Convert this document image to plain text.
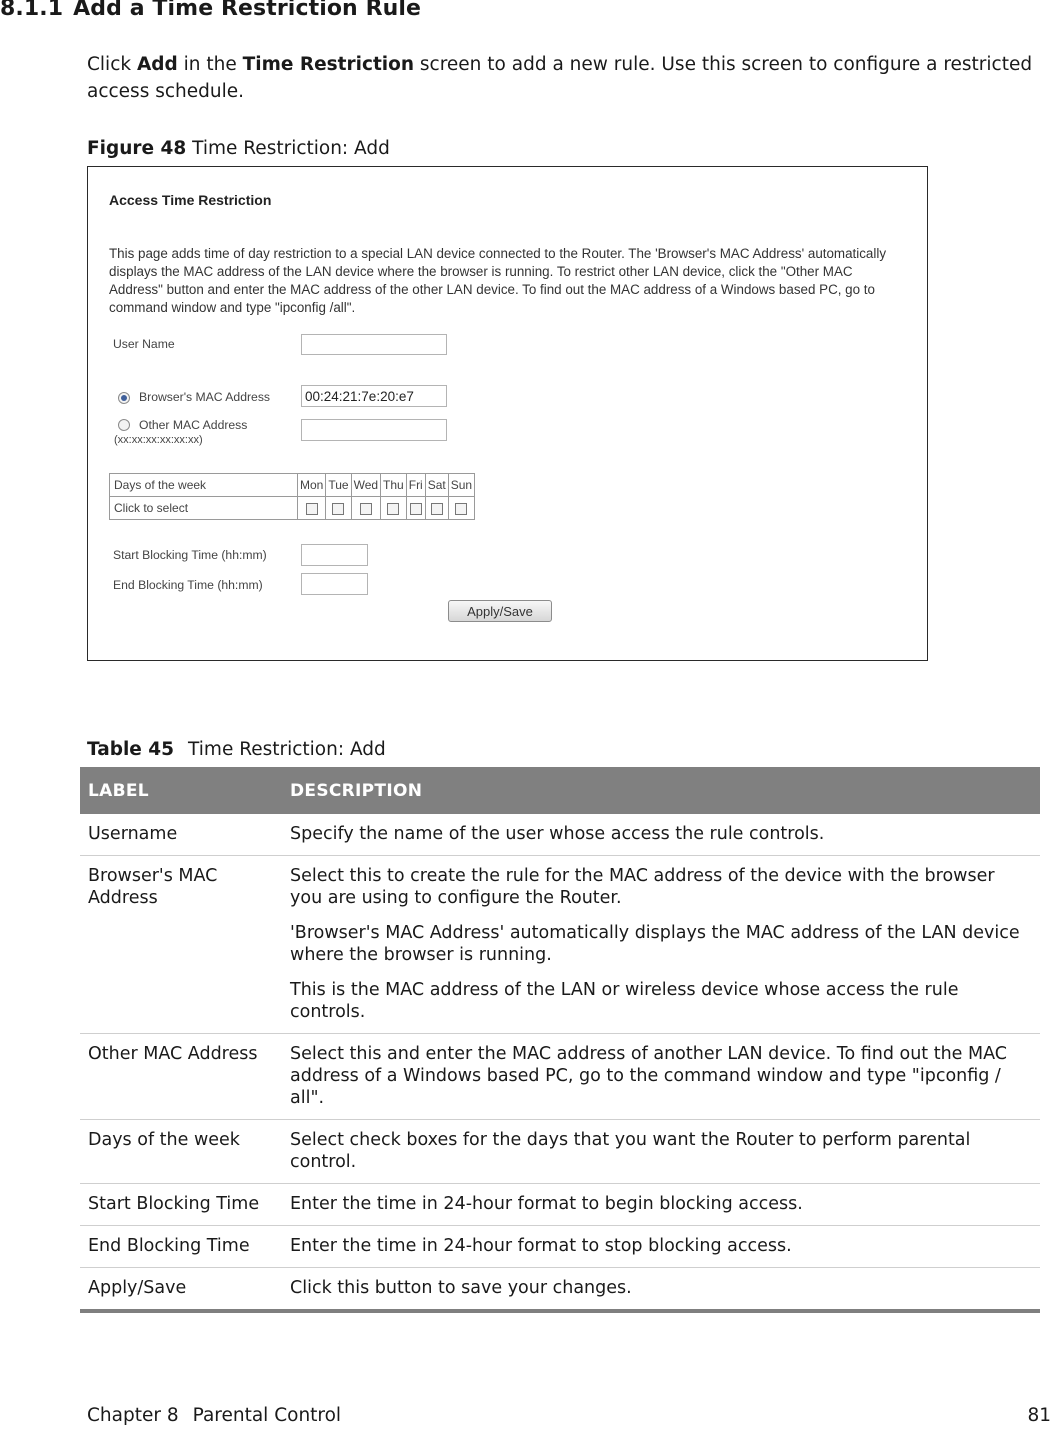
8.1.1 Add a Time Restriction Rule

Click Add in the Time Restriction screen to add a new rule. Use this screen to configure a restricted access schedule.

Figure 48 Time Restriction: Add

Access Time Restriction

This page adds time of day restriction to a special LAN device connected to the Router. The 'Browser's MAC Address' automatically displays the MAC address of the LAN device where the browser is running. To restrict other LAN device, click the "Other MAC Address" button and enter the MAC address of the other LAN device. To find out the MAC address of a Windows based PC, go to command window and type "ipconfig /all".

User Name
Browser's MAC Address
00:24:21:7e:20:e7
Other MAC Address
(xx:xx:xx:xx:xx:xx)
Days of the week	Mon	Tue	Wed	Thu	Fri	Sat	Sun
Click to select							
Start Blocking Time (hh:mm)
End Blocking Time (hh:mm)
Apply/Save

Table 45 Time Restriction: Add

LABEL	DESCRIPTION
Username	Specify the name of the user whose access the rule controls.

Browser's MAC Address	Select this to create the rule for the MAC address of the device with the browser you are using to configure the Router.

'Browser's MAC Address' automatically displays the MAC address of the LAN device where the browser is running.

This is the MAC address of the LAN or wireless device whose access the rule controls.

Other MAC Address	Select this and enter the MAC address of another LAN device. To find out the MAC address of a Windows based PC, go to the command window and type "ipconfig / all".

Days of the week	Select check boxes for the days that you want the Router to perform parental control.

Start Blocking Time	Enter the time in 24-hour format to begin blocking access.

End Blocking Time	Enter the time in 24-hour format to stop blocking access.

Apply/Save	Click this button to save your changes.

Chapter 8 Parental Control	81
